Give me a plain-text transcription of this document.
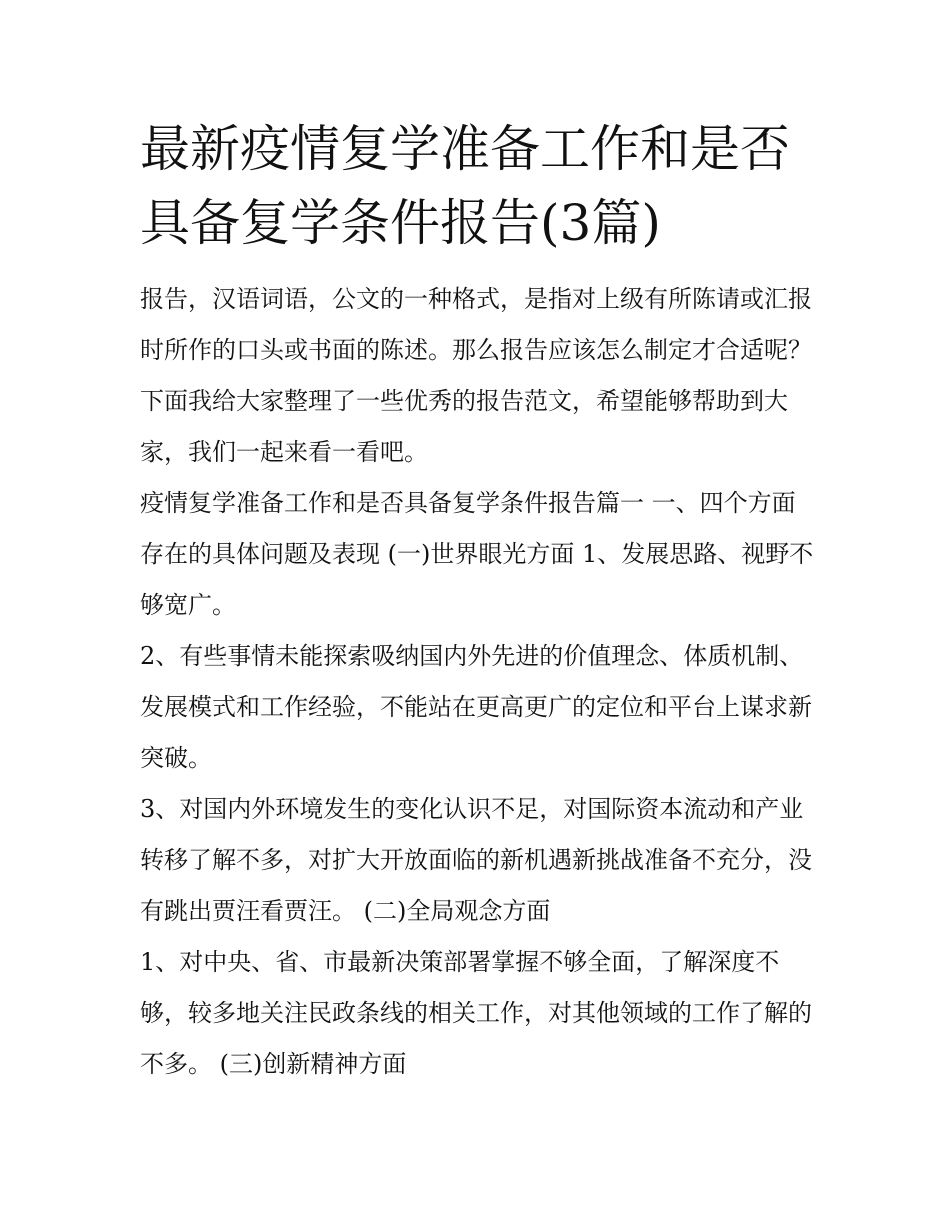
最新疫情复学准备工作和是否具备复学条件报告(3篇)

报告，汉语词语，公文的一种格式，是指对上级有所陈请或汇报时所作的口头或书面的陈述。那么报告应该怎么制定才合适呢？下面我给大家整理了一些优秀的报告范文，希望能够帮助到大家，我们一起来看一看吧。

疫情复学准备工作和是否具备复学条件报告篇一 一、四个方面存在的具体问题及表现 (一)世界眼光方面 1、发展思路、视野不够宽广。

2、有些事情未能探索吸纳国内外先进的价值理念、体质机制、发展模式和工作经验，不能站在更高更广的定位和平台上谋求新突破。

3、对国内外环境发生的变化认识不足，对国际资本流动和产业转移了解不多，对扩大开放面临的新机遇新挑战准备不充分，没有跳出贾汪看贾汪。 (二)全局观念方面

1、对中央、省、市最新决策部署掌握不够全面，了解深度不够，较多地关注民政条线的相关工作，对其他领域的工作了解的不多。 (三)创新精神方面
